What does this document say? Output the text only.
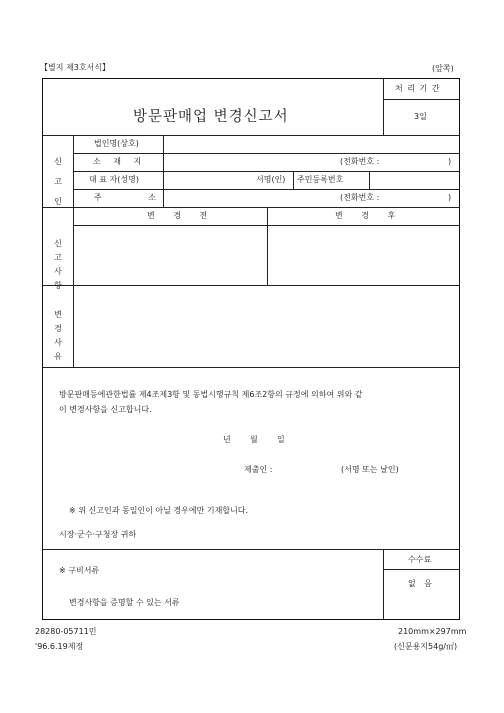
【별지 제3호서식】	(앞쪽)
방문판매업 변경신고서
처 리 기 간
3일
신
고
인
법인명(상호)
소 재 지	(전화번호 :	)
대 표 자(성명)	서명(인) 주민등록번호
주 소	(전화번호 :	)
신
고
사
항
변 경 전	변 경 후
변
경
사
유
방문판매등에관한법률 제4조제3항 및 동법시행규칙 제6조2항의 규정에 의하여 위와 같
이 변경사항을 신고합니다.
년 월 일
제출인 :	(서명 또는 날인)
※ 위 신고인과 동일인이 아닐 경우에만 기재합니다.
시장·군수·구청장 귀하
※ 구비서류
변경사항을 증명할 수 있는 서류
수수료
없 음
28280-05711민
'96.6.19제정
210mm×297mm
(신문용지54g/㎡)
